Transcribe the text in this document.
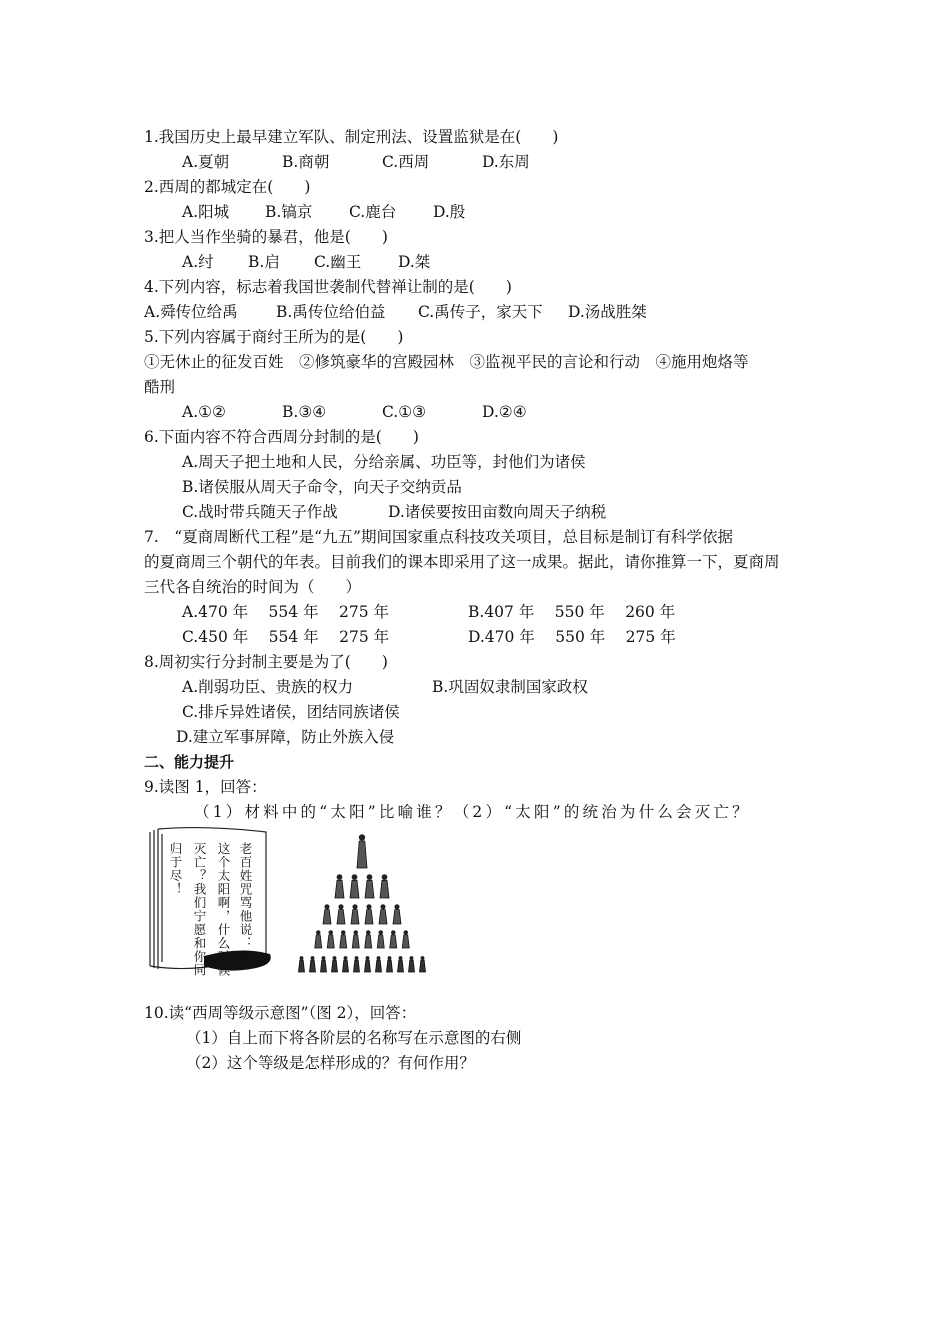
1.我国历史上最早建立军队、制定刑法、设置监狱是在(　　)
A.夏朝	B.商朝	C.西周	D.东周
2.西周的都城定在(　　)
A.阳城 B.镐京 C.鹿台 D.殷
3.把人当作坐骑的暴君，他是(　　)
A.纣 B.启 C.幽王 D.桀
4.下列内容，标志着我国世袭制代替禅让制的是(　　)
A.舜传位给禹 B.禹传位给伯益 C.禹传子，家天下 D.汤战胜桀
5.下列内容属于商纣王所为的是(　　)
①无休止的征发百姓　②修筑豪华的宫殿园林　③监视平民的言论和行动　④施用炮烙等
酷刑
A.①②	B.③④	C.①③	D.②④
6.下面内容不符合西周分封制的是(　　)
A.周天子把土地和人民，分给亲属、功臣等，封他们为诸侯
B.诸侯服从周天子命令，向天子交纳贡品
C.战时带兵随天子作战	D.诸侯要按田亩数向周天子纳税
7.　“夏商周断代工程”是“九五”期间国家重点科技攻关项目，总目标是制订有科学依据
的夏商周三个朝代的年表。目前我们的课本即采用了这一成果。据此，请你推算一下，夏商周
三代各自统治的时间为（　　）
A.470 年　 554 年　 275 年	B.407 年　 550 年　 260 年
C.450 年　 554 年　 275 年	D.470 年　 550 年　 275 年
8.周初实行分封制主要是为了(　　)
A.削弱功臣、贵族的权力	B.巩固奴隶制国家政权
C.排斥异姓诸侯，团结同族诸侯
D.建立军事屏障，防止外族入侵
二、能力提升
9.读图 1，回答：
（1）材料中的“太阳”比喻谁？（2）“太阳”的统治为什么会灭亡？
老百姓咒骂他说：你
这个太阳啊，什么时候
灭亡？我们宁愿和你同
归于尽！
10.读“西周等级示意图”（图 2），回答：
（1）自上而下将各阶层的名称写在示意图的右侧
（2）这个等级是怎样形成的？有何作用？
